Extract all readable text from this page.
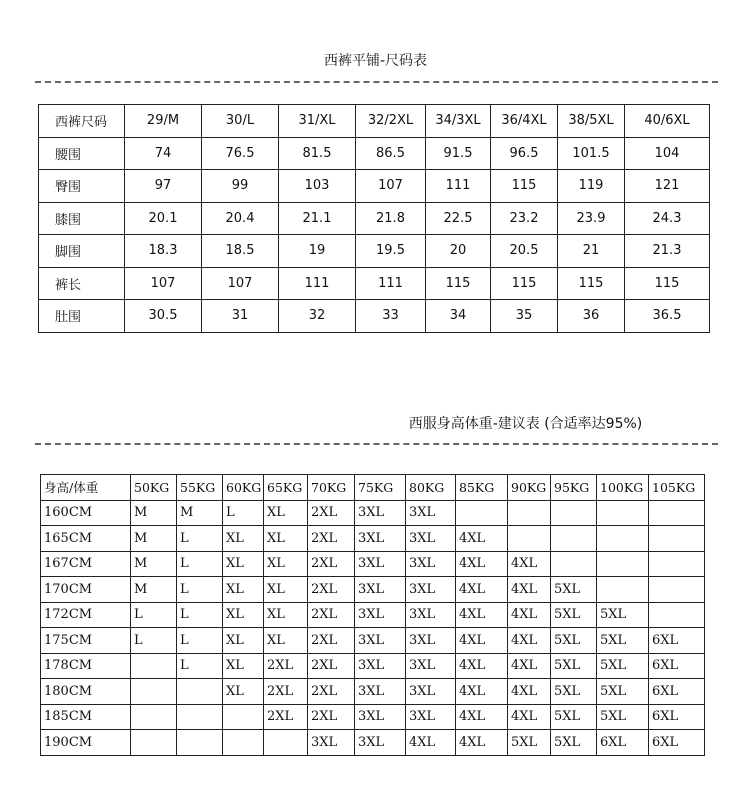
西裤平铺-尺码表
西裤尺码	29/M	30/L	31/XL	32/2XL	34/3XL	36/4XL	38/5XL	40/6XL
腰围	74	76.5	81.5	86.5	91.5	96.5	101.5	104
臀围	97	99	103	107	111	115	119	121
膝围	20.1	20.4	21.1	21.8	22.5	23.2	23.9	24.3
脚围	18.3	18.5	19	19.5	20	20.5	21	21.3
裤长	107	107	111	111	115	115	115	115
肚围	30.5	31	32	33	34	35	36	36.5
西服身高体重-建议表 (合适率达95%)
身高/体重	50KG	55KG	60KG	65KG	70KG	75KG	80KG	85KG	90KG	95KG	100KG	105KG
160CM	M	M	L	XL	2XL	3XL	3XL					
165CM	M	L	XL	XL	2XL	3XL	3XL	4XL				
167CM	M	L	XL	XL	2XL	3XL	3XL	4XL	4XL			
170CM	M	L	XL	XL	2XL	3XL	3XL	4XL	4XL	5XL		
172CM	L	L	XL	XL	2XL	3XL	3XL	4XL	4XL	5XL	5XL	
175CM	L	L	XL	XL	2XL	3XL	3XL	4XL	4XL	5XL	5XL	6XL
178CM		L	XL	2XL	2XL	3XL	3XL	4XL	4XL	5XL	5XL	6XL
180CM			XL	2XL	2XL	3XL	3XL	4XL	4XL	5XL	5XL	6XL
185CM				2XL	2XL	3XL	3XL	4XL	4XL	5XL	5XL	6XL
190CM					3XL	3XL	4XL	4XL	5XL	5XL	6XL	6XL
